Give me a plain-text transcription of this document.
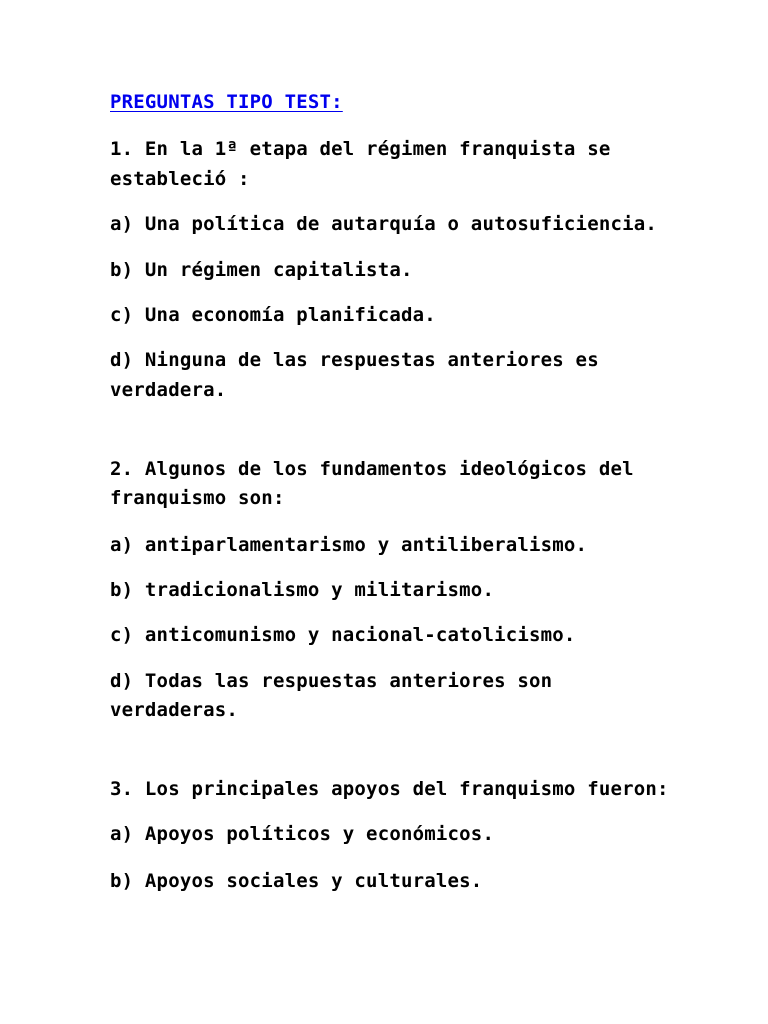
PREGUNTAS TIPO TEST:
1. En la 1ª etapa del régimen franquista se
estableció :
a) Una política de autarquía o autosuficiencia.
b) Un régimen capitalista.
c) Una economía planificada.
d) Ninguna de las respuestas anteriores es
verdadera.
2. Algunos de los fundamentos ideológicos del
franquismo son:
a) antiparlamentarismo y antiliberalismo.
b) tradicionalismo y militarismo.
c) anticomunismo y nacional-catolicismo.
d) Todas las respuestas anteriores son
verdaderas.
3. Los principales apoyos del franquismo fueron:
a) Apoyos políticos y económicos.
b) Apoyos sociales y culturales.
